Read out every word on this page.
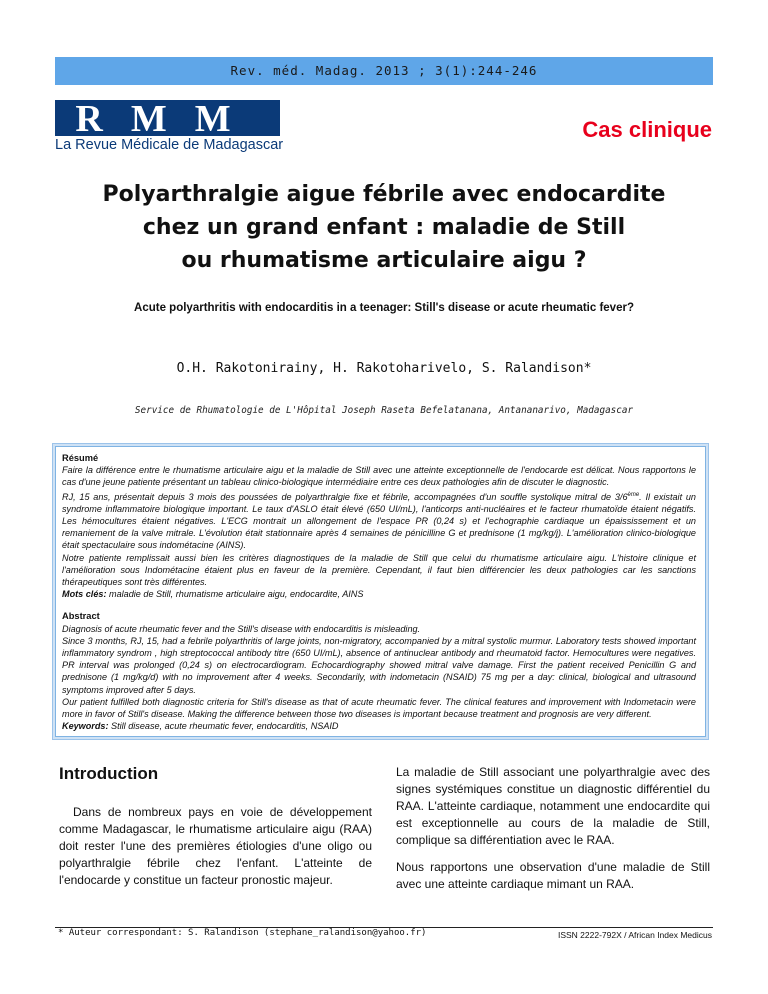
Rev. méd. Madag. 2013 ; 3(1):244-246
RMM
La Revue Médicale de Madagascar
Cas clinique
Polyarthralgie aigue fébrile avec endocardite
chez un grand enfant : maladie de Still
ou rhumatisme articulaire aigu ?
Acute polyarthritis with endocarditis in a teenager: Still's disease or acute rheumatic fever?
O.H. Rakotonirainy, H. Rakotoharivelo, S. Ralandison*
Service de Rhumatologie de L'Hôpital Joseph Raseta Befelatanana, Antananarivo, Madagascar
Résumé

Faire la différence entre le rhumatisme articulaire aigu et la maladie de Still avec une atteinte exceptionnelle de l'endocarde est délicat. Nous rapportons le cas d'une jeune patiente présentant un tableau clinico-biologique intermédiaire entre ces deux pathologies afin de discuter le diagnostic.

RJ, 15 ans, présentait depuis 3 mois des poussées de polyarthralgie fixe et fébrile, accompagnées d'un souffle systolique mitral de 3/6ème. Il existait un syndrome inflammatoire biologique important. Le taux d'ASLO était élevé (650 UI/mL), l'anticorps anti-nucléaires et le facteur rhumatoïde étaient négatifs. Les hémocultures étaient négatives. L'ECG montrait un allongement de l'espace PR (0,24 s) et l'echographie cardiaque un épaississement et un remaniement de la valve mitrale. L'évolution était stationnaire après 4 semaines de pénicilline G et prednisone (1 mg/kg/j). L'amélioration clinico-biologique était spectaculaire sous indométacine (AINS).

Notre patiente remplissait aussi bien les critères diagnostiques de la maladie de Still que celui du rhumatisme articulaire aigu. L'histoire clinique et l'amélioration sous Indométacine étaient plus en faveur de la première. Cependant, il faut bien différencier les deux pathologies car les sanctions thérapeutiques sont très différentes.

Mots clés: maladie de Still, rhumatisme articulaire aigu, endocardite, AINS

Abstract

Diagnosis of acute rheumatic fever and the Still's disease with endocarditis is misleading.

Since 3 months, RJ, 15, had a febrile polyarthritis of large joints, non-migratory, accompanied by a mitral systolic murmur. Laboratory tests showed important inflammatory syndrom , high streptococcal antibody titre (650 UI/mL), absence of antinuclear antibody and rheumatoid factor. Hemocultures were negatives. PR interval was prolonged (0,24 s) on electrocardiogram. Echocardiography showed mitral valve damage. First the patient received Penicillin G and prednisone (1 mg/kg/d) with no improvement after 4 weeks. Secondarily, with indometacin (NSAID) 75 mg per a day: clinical, biological and ultrasound symptoms improved after 5 days.

Our patient fulfilled both diagnostic criteria for Still's disease as that of acute rheumatic fever. The clinical features and improvement with Indometacin were more in favor of Still's disease. Making the difference between those two diseases is important because treatment and prognosis are very different.

Keywords: Still disease, acute rheumatic fever, endocarditis, NSAID

Introduction

Dans de nombreux pays en voie de développement comme Madagascar, le rhumatisme articulaire aigu (RAA) doit rester l'une des premières étiologies d'une oligo ou polyarthralgie fébrile chez l'enfant. L'atteinte de l'endocarde y constitue un facteur pronostic majeur.

La maladie de Still associant une polyarthralgie avec des signes systémiques constitue un diagnostic différentiel du RAA. L'atteinte cardiaque, notamment une endocardite qui est exceptionnelle au cours de la maladie de Still, complique sa différentiation avec le RAA.

Nous rapportons une observation d'une maladie de Still avec une atteinte cardiaque mimant un RAA.

* Auteur correspondant: S. Ralandison (stephane_ralandison@yahoo.fr)	ISSN 2222-792X / African Index Medicus
